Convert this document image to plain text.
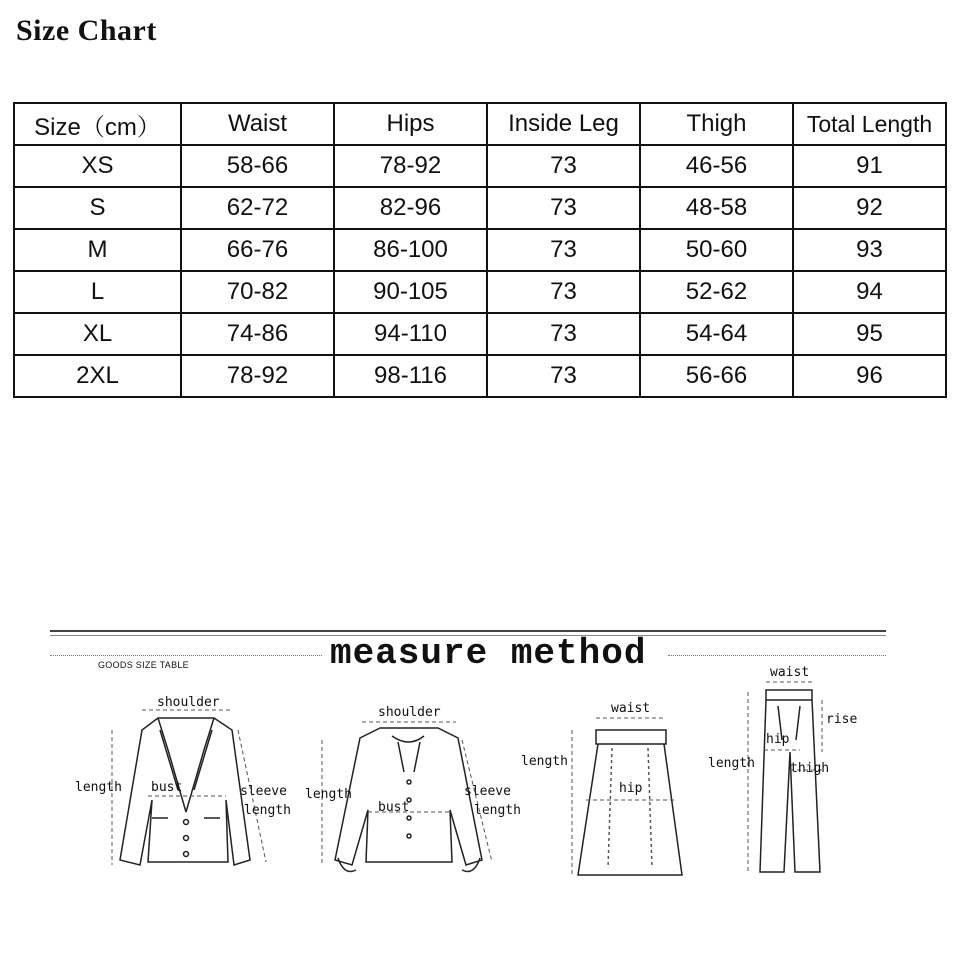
Size Chart
Size（cm）	Waist	Hips	Inside Leg	Thigh	Total Length
XS	58-66	78-92	73	46-56	91
S	62-72	82-96	73	48-58	92
M	66-76	86-100	73	50-60	93
L	70-82	90-105	73	52-62	94
XL	74-86	94-110	73	54-64	95
2XL	78-92	98-116	73	56-66	96
measure method
GOODS SIZE TABLE
shoulder
length bust	sleeve
length
shoulder
length
bust
sleeve
length
waist
length
hip
waist
rise
length
hip
thigh
